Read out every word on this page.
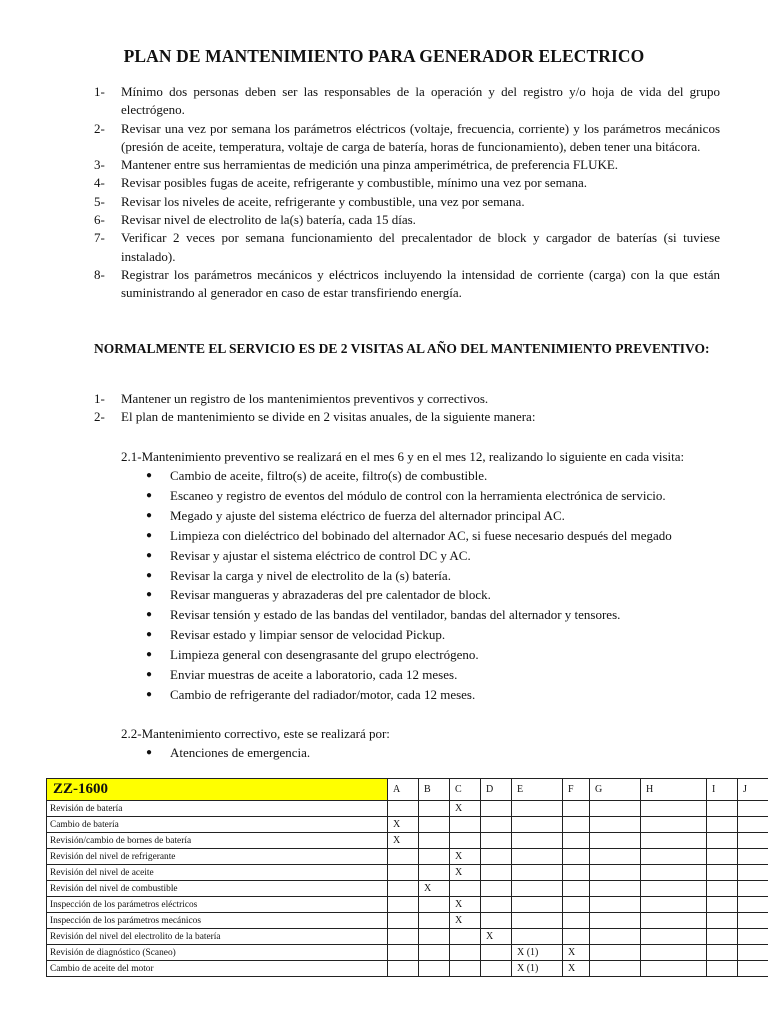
PLAN DE MANTENIMIENTO PARA GENERADOR ELECTRICO
1-	Mínimo dos personas deben ser las responsables de la operación y del registro y/o hoja de vida del grupo electrógeno.
2-	Revisar una vez por semana los parámetros eléctricos (voltaje, frecuencia, corriente) y los parámetros mecánicos (presión de aceite, temperatura, voltaje de carga de batería, horas de funcionamiento), deben tener una bitácora.
3-	Mantener entre sus herramientas de medición una pinza amperimétrica, de preferencia FLUKE.
4-	Revisar posibles fugas de aceite, refrigerante y combustible, mínimo una vez por semana.
5-	Revisar los niveles de aceite, refrigerante y combustible, una vez por semana.
6-	Revisar nivel de electrolito de la(s) batería, cada 15 días.
7-	Verificar 2 veces por semana funcionamiento del precalentador de block y cargador de baterías (si tuviese instalado).
8-	Registrar los parámetros mecánicos y eléctricos incluyendo la intensidad de corriente (carga) con la que están suministrando al generador en caso de estar transfiriendo energía.
NORMALMENTE EL SERVICIO ES DE 2 VISITAS AL AÑO DEL MANTENIMIENTO PREVENTIVO:
1-	Mantener un registro de los mantenimientos preventivos y correctivos.
2-	El plan de mantenimiento se divide en 2 visitas anuales, de la siguiente manera:
2.1-Mantenimiento preventivo se realizará en el mes 6 y en el mes 12, realizando lo siguiente en cada visita:
●	Cambio de aceite, filtro(s) de aceite, filtro(s) de combustible.
●	Escaneo y registro de eventos del módulo de control con la herramienta electrónica de servicio.
●	Megado y ajuste del sistema eléctrico de fuerza del alternador principal AC.
●	Limpieza con dieléctrico del bobinado del alternador AC, si fuese necesario después del megado
●	Revisar y ajustar el sistema eléctrico de control DC y AC.
●	Revisar la carga y nivel de electrolito de la (s) batería.
●	Revisar mangueras y abrazaderas del pre calentador de block.
●	Revisar tensión y estado de las bandas del ventilador, bandas del alternador y tensores.
●	Revisar estado y limpiar sensor de velocidad Pickup.
●	Limpieza general con desengrasante del grupo electrógeno.
●	Enviar muestras de aceite a laboratorio, cada 12 meses.
●	Cambio de refrigerante del radiador/motor, cada 12 meses.
2.2-Mantenimiento correctivo, este se realizará por:
●	Atenciones de emergencia.
ZZ-1600	A	B	C	D	E	F	G	H	I	J
Revisión de batería			X							
Cambio de batería	X									
Revisión/cambio de bornes de batería	X									
Revisión del nivel de refrigerante			X							
Revisión del nivel de aceite			X							
Revisión del nivel de combustible		X								
Inspección de los parámetros eléctricos			X							
Inspección de los parámetros mecánicos			X							
Revisión del nivel del electrolito de la batería				X						
Revisión de diagnóstico (Scaneo)					X (1)	X				
Cambio de aceite del motor					X (1)	X				
